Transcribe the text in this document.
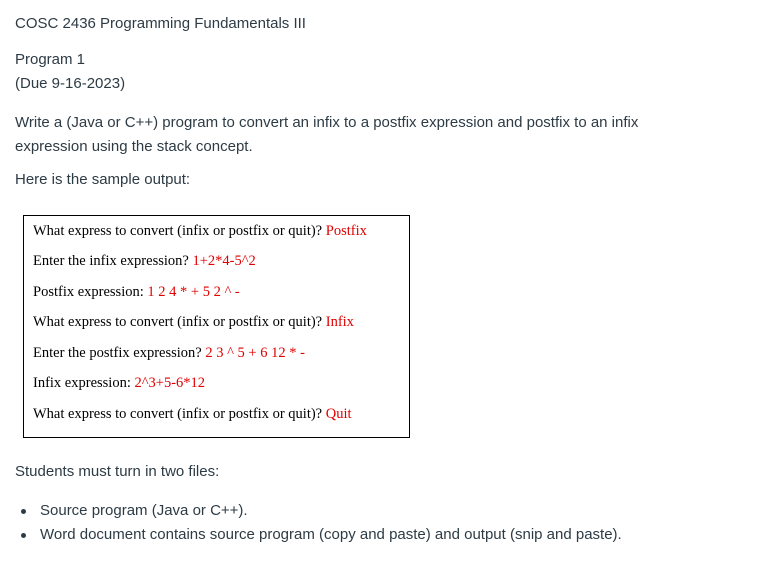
COSC 2436 Programming Fundamentals III
Program 1
(Due 9-16-2023)
Write a (Java or C++) program to convert an infix to a postfix expression and postfix to an infix expression using the stack concept.
Here is the sample output:
What express to convert (infix or postfix or quit)? Postfix
Enter the infix expression? 1+2*4-5^2
Postfix expression: 1 2 4 * + 5 2 ^ -
What express to convert (infix or postfix or quit)? Infix
Enter the postfix expression? 2 3 ^ 5 + 6 12 * -
Infix expression: 2^3+5-6*12
What express to convert (infix or postfix or quit)? Quit
Students must turn in two files:
Source program (Java or C++).
Word document contains source program (copy and paste) and output (snip and paste).
